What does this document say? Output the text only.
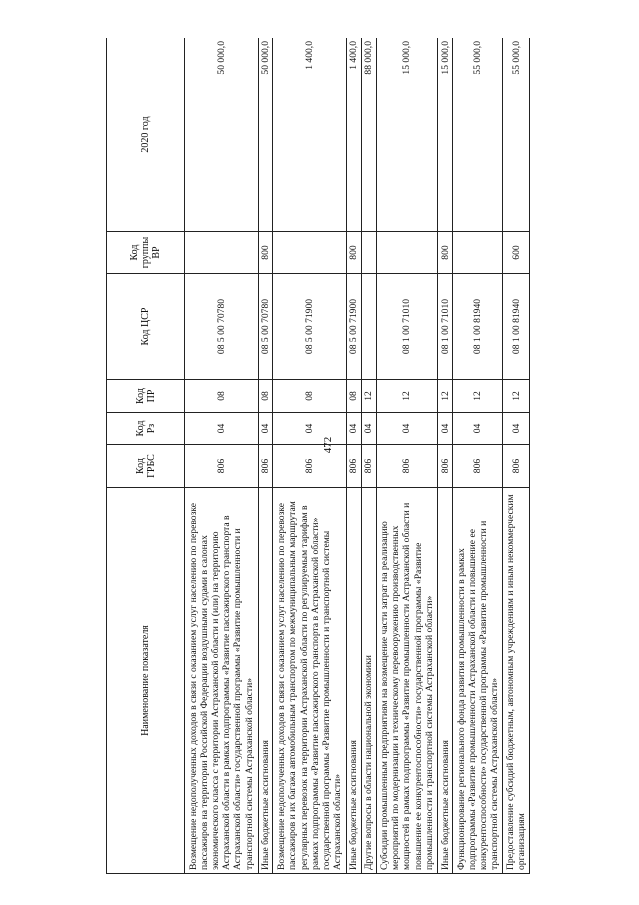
472
Наименование показателя	Код ГРБС	Код Рз	Код ПР	Код ЦСР	Код группы ВР	2020 год
Возмещение недополученных доходов в связи с оказанием услуг населению по перевозке пассажиров на территории Российской Федерации воздушными судами в салонах экономического класса с территории Астраханской области и (или) на территорию Астраханской области в рамках подпрограммы «Развитие пассажирского транспорта в Астраханской области» государственной программы «Развитие промышленности и транспортной системы Астраханской области»	806	04	08	08 5 00 70780		50 000,0
Иные бюджетные ассигнования	806	04	08	08 5 00 70780	800	50 000,0
Возмещение недополученных доходов в связи с оказанием услуг населению по перевозке пассажиров и их багажа автомобильным транспортом по межмуниципальным маршрутам регулярных перевозок на территории Астраханской области по регулируемым тарифам в рамках подпрограммы «Развитие пассажирского транспорта в Астраханской области» государственной программы «Развитие промышленности и транспортной системы Астраханской области»	806	04	08	08 5 00 71900		1 400,0
Иные бюджетные ассигнования	806	04	08	08 5 00 71900	800	1 400,0
Другие вопросы в области национальной экономики	806	04	12			88 000,0
Субсидии промышленным предприятиям на возмещение части затрат на реализацию мероприятий по модернизации и техническому перевооружению производственных мощностей в рамках подпрограммы «Развитие промышленности Астраханской области и повышение ее конкурентоспособности» государственной программы «Развитие промышленности и транспортной системы Астраханской области»	806	04	12	08 1 00 71010		15 000,0
Иные бюджетные ассигнования	806	04	12	08 1 00 71010	800	15 000,0
Функционирование регионального фонда развития промышленности в рамках подпрограммы «Развитие промышленности Астраханской области и повышение ее конкурентоспособности» государственной программы «Развитие промышленности и транспортной системы Астраханской области»	806	04	12	08 1 00 81940		55 000,0
Предоставление субсидий бюджетным, автономным учреждениям и иным некоммерческим организациям	806	04	12	08 1 00 81940	600	55 000,0
